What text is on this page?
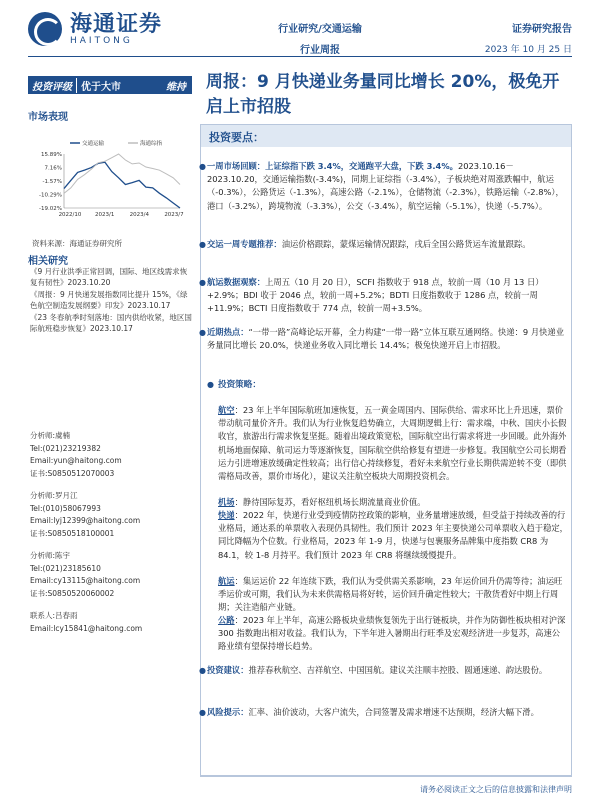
海通证券
HAITONG
行业研究/交通运输
行业周报
证券研究报告
2023 年 10 月 25 日
投资评级 优于大市	维持
市场表现
15.89%
7.16%
-1.57%
-10.29%
-19.02%
2022/10 2023/1	2023/4	2023/7
交通运输	海通综指
资料来源：海通证券研究所
相关研究
《9 月行业洪季正常回调，国际、地区线需求恢复有韧性》2023.10.20
《周报：9 月快递发展指数同比提升 15%，《绿色航空制造发展纲要》印发》2023.10.17
《23 冬春航季时刻落地：国内供给收紧，地区国际航班稳步恢复》2023.10.17
分析师:虞楠
Tel:(021)23219382
Email:yun@haitong.com
证书:S0850512070003
分析师:罗月江
Tel:(010)58067993
Email:lyj12399@haitong.com
证书:S0850518100001
分析师:陈宇
Tel:(021)23185610
Email:cy13115@haitong.com
证书:S0850520060002
联系人:吕春雨
Email:lcy15841@haitong.com
周报：9 月快递业务量同比增长 20%，极免开启上市招股
投资要点：
● 一周市场回顾：上证综指下跌 3.4%，交通跑平大盘，下跌 3.4%。2023.10.16－2023.10.20，交通运输指数(-3.4%)，同期上证综指（-3.4%），子板块绝对周涨跌幅中，航运（-0.3%），公路货运（-1.3%），高速公路（-2.1%），仓储物流（-2.3%），铁路运输（-2.8%），港口（-3.2%），跨境物流（-3.3%），公交（-3.4%），航空运输（-5.1%），快递（-5.7%）。
● 交运一周专题推荐：油运价格跟踪，蒙煤运输情况跟踪，戌后全国公路货运车流量跟踪。
● 航运数据观察：上周五（10 月 20 日），SCFI 指数收于 918 点，较前一周（10 月 13 日）+2.9%；BDI 收于 2046 点，较前一周+5.2%；BDTI 日度指数收于 1286 点，较前一周+11.9%；BCTI 日度指数收于 774 点，较前一周+3.5%。
● 近期热点：“一带一路”高峰论坛开幕，全力构建“一带一路”立体互联互通网络。快递：9 月快递业务量同比增长 20.0%，快递业务收入同比增长 14.4%；极兔快递开启上市招股。
● 投资策略：
航空：23 年上半年国际航班加速恢复，五一黄金周国内、国际供给、需求环比上升迅速，票价带动航司量价齐升。我们认为行业恢复趋势确立，大周期逻辑上行：需求端，中秋、国庆小长假收官，旅游出行需求恢复坚挺。随着出境政策宽松，国际航空出行需求将进一步回暖。此外海外机场地面保障、航司运力等逐渐恢复，国际航空供给修复有望进一步修复。我国航空公司长期看运力引进增速放缓确定性较高；出行信心持续修复，看好未来航空行业长期供需逆转不变（即供需格局改善，票价市场化），建议关注航空板块大周期投资机会。
机场：静待国际复苏，看好枢纽机场长期流量商业价值。
快递：2022 年，快递行业受到疫情防控政策的影响，业务量增速放缓，但受益于持续改善的行业格局，通达系的单票收入表现仍具韧性。我们预计 2023 年主要快递公司单票收入趋于稳定，同比降幅为个位数。行业格局，2023 年 1-9 月，快递与包裹服务品牌集中度指数 CR8 为 84.1，较 1-8 月持平。我们预计 2023 年 CR8 将继续缓慢提升。
航运：集运运价 22 年连续下跌，我们认为受供需关系影响，23 年运价回升仍需等待；油运旺季运价或可期，我们认为未来供需格局将好转，运价回升确定性较大；干散货看好中期上行周期；关注造船产业链。
公路：2023 年上半年，高速公路板块业绩恢复领先于出行链板块，并作为防御性板块相对沪深 300 指数跑出相对收益。我们认为，下半年进入暑期出行旺季及宏观经济进一步复苏，高速公路业绩有望保持增长趋势。
● 投资建议：推荐春秋航空、吉祥航空、中国国航。建议关注顺丰控股、圆通速递、韵达股份。
● 风险提示：汇率、油价波动，大客户流失，合同签署及需求增速不达预期，经济大幅下滑。
请务必阅读正文之后的信息披露和法律声明
